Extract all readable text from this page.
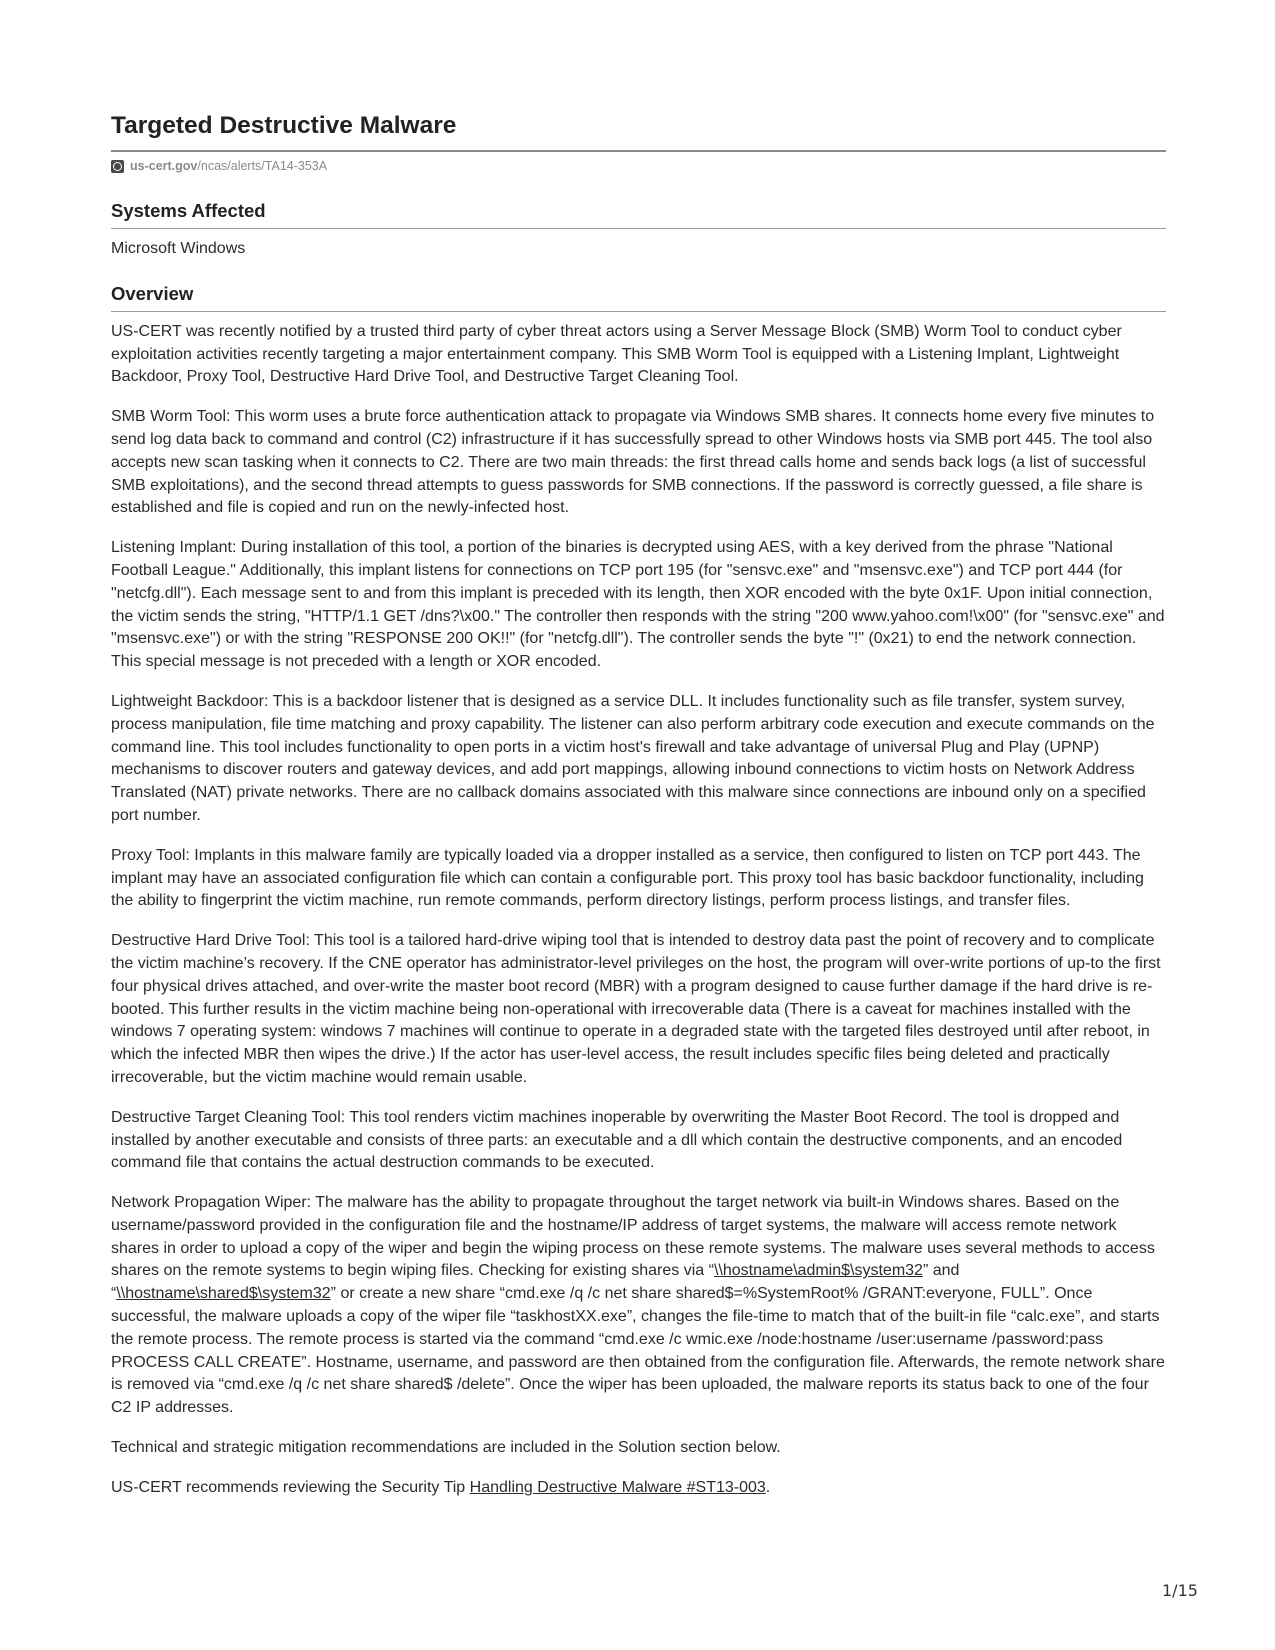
Targeted Destructive Malware
us-cert.gov /ncas/alerts/TA14-353A
Systems Affected

Microsoft Windows

Overview

US-CERT was recently notified by a trusted third party of cyber threat actors using a Server Message Block (SMB) Worm Tool to conduct cyber exploitation activities recently targeting a major entertainment company. This SMB Worm Tool is equipped with a Listening Implant, Lightweight Backdoor, Proxy Tool, Destructive Hard Drive Tool, and Destructive Target Cleaning Tool.

SMB Worm Tool: This worm uses a brute force authentication attack to propagate via Windows SMB shares. It connects home every five minutes to send log data back to command and control (C2) infrastructure if it has successfully spread to other Windows hosts via SMB port 445. The tool also accepts new scan tasking when it connects to C2. There are two main threads: the first thread calls home and sends back logs (a list of successful SMB exploitations), and the second thread attempts to guess passwords for SMB connections. If the password is correctly guessed, a file share is established and file is copied and run on the newly-infected host.

Listening Implant: During installation of this tool, a portion of the binaries is decrypted using AES, with a key derived from the phrase "National Football League." Additionally, this implant listens for connections on TCP port 195 (for "sensvc.exe" and "msensvc.exe") and TCP port 444 (for "netcfg.dll"). Each message sent to and from this implant is preceded with its length, then XOR encoded with the byte 0x1F. Upon initial connection, the victim sends the string, "HTTP/1.1 GET /dns?\x00." The controller then responds with the string "200 www.yahoo.com!\x00" (for "sensvc.exe" and "msensvc.exe") or with the string "RESPONSE 200 OK!!" (for "netcfg.dll"). The controller sends the byte "!" (0x21) to end the network connection. This special message is not preceded with a length or XOR encoded.

Lightweight Backdoor: This is a backdoor listener that is designed as a service DLL. It includes functionality such as file transfer, system survey, process manipulation, file time matching and proxy capability. The listener can also perform arbitrary code execution and execute commands on the command line. This tool includes functionality to open ports in a victim host's firewall and take advantage of universal Plug and Play (UPNP) mechanisms to discover routers and gateway devices, and add port mappings, allowing inbound connections to victim hosts on Network Address Translated (NAT) private networks. There are no callback domains associated with this malware since connections are inbound only on a specified port number.

Proxy Tool: Implants in this malware family are typically loaded via a dropper installed as a service, then configured to listen on TCP port 443. The implant may have an associated configuration file which can contain a configurable port. This proxy tool has basic backdoor functionality, including the ability to fingerprint the victim machine, run remote commands, perform directory listings, perform process listings, and transfer files.

Destructive Hard Drive Tool: This tool is a tailored hard-drive wiping tool that is intended to destroy data past the point of recovery and to complicate the victim machine’s recovery. If the CNE operator has administrator-level privileges on the host, the program will over-write portions of up-to the first four physical drives attached, and over-write the master boot record (MBR) with a program designed to cause further damage if the hard drive is re-booted. This further results in the victim machine being non-operational with irrecoverable data (There is a caveat for machines installed with the windows 7 operating system: windows 7 machines will continue to operate in a degraded state with the targeted files destroyed until after reboot, in which the infected MBR then wipes the drive.) If the actor has user-level access, the result includes specific files being deleted and practically irrecoverable, but the victim machine would remain usable.

Destructive Target Cleaning Tool: This tool renders victim machines inoperable by overwriting the Master Boot Record. The tool is dropped and installed by another executable and consists of three parts: an executable and a dll which contain the destructive components, and an encoded command file that contains the actual destruction commands to be executed.

Network Propagation Wiper: The malware has the ability to propagate throughout the target network via built-in Windows shares. Based on the username/password provided in the configuration file and the hostname/IP address of target systems, the malware will access remote network shares in order to upload a copy of the wiper and begin the wiping process on these remote systems. The malware uses several methods to access shares on the remote systems to begin wiping files. Checking for existing shares via “\\hostname\admin$\system32” and “\\hostname\shared$\system32” or create a new share “cmd.exe /q /c net share shared$=%SystemRoot% /GRANT:everyone, FULL”. Once successful, the malware uploads a copy of the wiper file “taskhostXX.exe”, changes the file-time to match that of the built-in file “calc.exe”, and starts the remote process. The remote process is started via the command “cmd.exe /c wmic.exe /node:hostname /user:username /password:pass PROCESS CALL CREATE”. Hostname, username, and password are then obtained from the configuration file. Afterwards, the remote network share is removed via “cmd.exe /q /c net share shared$ /delete”. Once the wiper has been uploaded, the malware reports its status back to one of the four C2 IP addresses.

Technical and strategic mitigation recommendations are included in the Solution section below.

US-CERT recommends reviewing the Security Tip Handling Destructive Malware #ST13-003.

1/15
